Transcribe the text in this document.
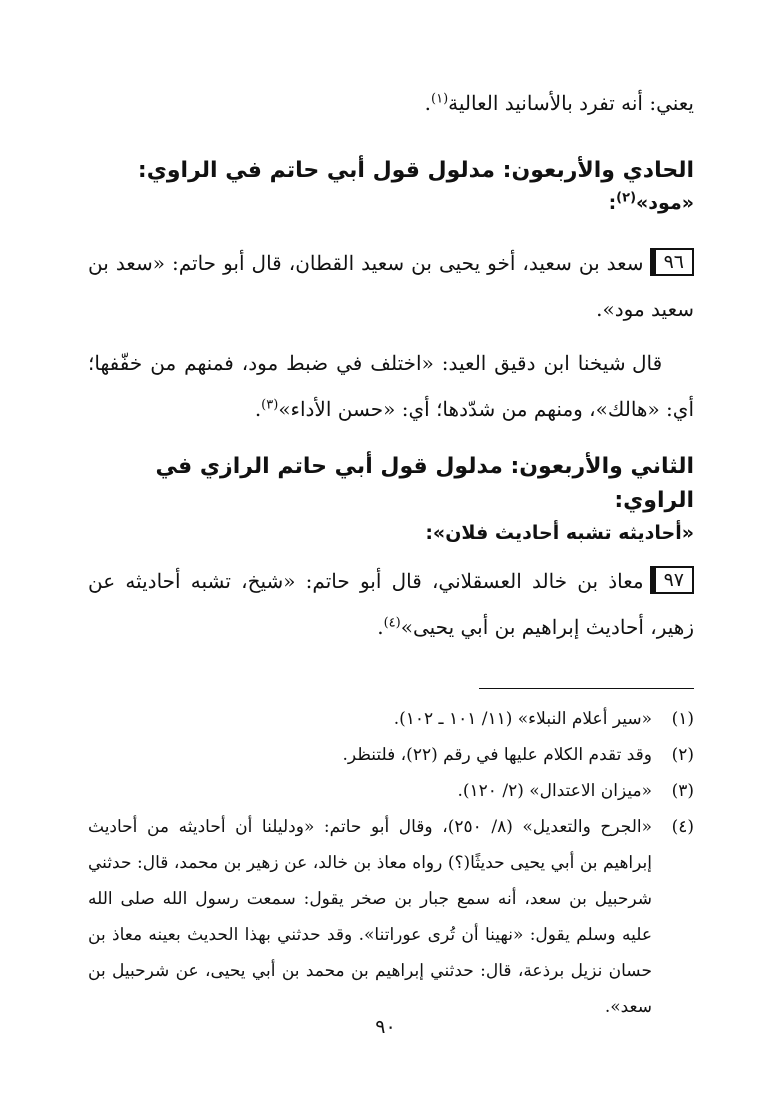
يعني: أنه تفرد بالأسانيد العالية$^{(١)}$.

الحادي والأربعون: مدلول قول أبي حاتم في الراوي:
«مود»$^{(٢)}$:

٩٦سعد بن سعيد، أخو يحيى بن سعيد القطان، قال أبو حاتم: «سعد بن سعيد مود».

قال شيخنا ابن دقيق العيد: «اختلف في ضبط مود، فمنهم من خفّفها؛ أي: «هالك»، ومنهم من شدّدها؛ أي: «حسن الأداء»$^{(٣)}$.

الثاني والأربعون: مدلول قول أبي حاتم الرازي في الراوي:
«أحاديثه تشبه أحاديث فلان»:

٩٧معاذ بن خالد العسقلاني، قال أبو حاتم: «شيخ، تشبه أحاديثه عن زهير، أحاديث إبراهيم بن أبي يحيى»$^{(٤)}$.

(١)
«سير أعلام النبلاء» (١١/ ١٠١ ـ ١٠٢).
(٢)
وقد تقدم الكلام عليها في رقم (٢٢)، فلتنظر.
(٣)
«ميزان الاعتدال» (٢/ ١٢٠).
(٤)
«الجرح والتعديل» (٨/ ٢٥٠)، وقال أبو حاتم: «ودليلنا أن أحاديثه من أحاديث إبراهيم بن أبي يحيى حديثًا(؟) رواه معاذ بن خالد، عن زهير بن محمد، قال: حدثني شرحبيل بن سعد، أنه سمع جبار بن صخر يقول: سمعت رسول الله صلى الله عليه وسلم يقول: «نهينا أن تُرى عوراتنا». وقد حدثني بهذا الحديث بعينه معاذ بن حسان نزيل برذعة، قال: حدثني إبراهيم بن محمد بن أبي يحيى، عن شرحبيل بن سعد».
٩٠
